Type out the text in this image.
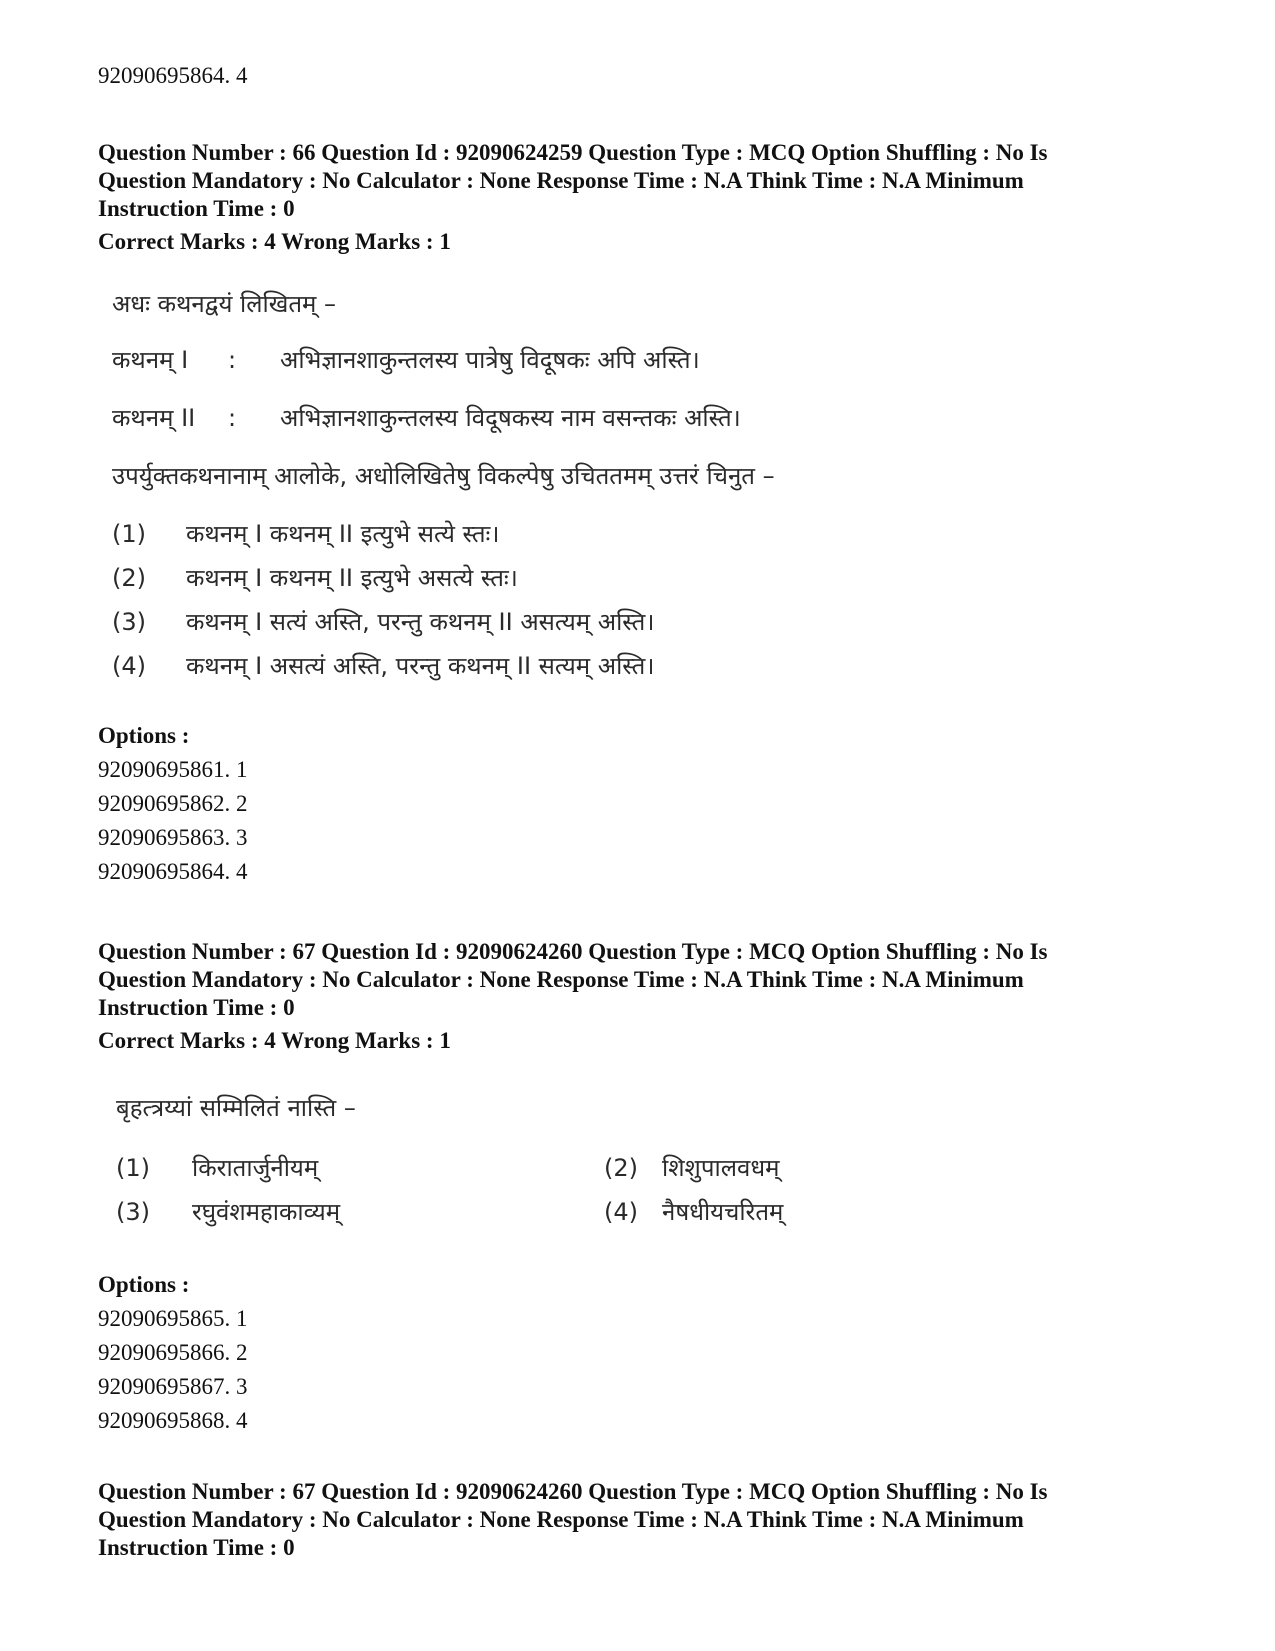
92090695864. 4
Question Number : 66 Question Id : 92090624259 Question Type : MCQ Option Shuffling : No Is
Question Mandatory : No Calculator : None Response Time : N.A Think Time : N.A Minimum
Instruction Time : 0
Correct Marks : 4 Wrong Marks : 1
अधः कथनद्वयं लिखितम् –
कथनम् I : अभिज्ञानशाकुन्तलस्य पात्रेषु विदूषकः अपि अस्ति।
कथनम् II : अभिज्ञानशाकुन्तलस्य विदूषकस्य नाम वसन्तकः अस्ति।
उपर्युक्तकथनानाम् आलोके, अधोलिखितेषु विकल्पेषु उचिततमम् उत्तरं चिनुत –
(1) कथनम् I कथनम् II इत्युभे सत्ये स्तः।
(2) कथनम् I कथनम् II इत्युभे असत्ये स्तः।
(3) कथनम् I सत्यं अस्ति, परन्तु कथनम् II असत्यम् अस्ति।
(4) कथनम् I असत्यं अस्ति, परन्तु कथनम् II सत्यम् अस्ति।
Options :
92090695861. 1
92090695862. 2
92090695863. 3
92090695864. 4
Question Number : 67 Question Id : 92090624260 Question Type : MCQ Option Shuffling : No Is
Question Mandatory : No Calculator : None Response Time : N.A Think Time : N.A Minimum
Instruction Time : 0
Correct Marks : 4 Wrong Marks : 1
बृहत्त्रय्यां सम्मिलितं नास्ति –
(1) किरातार्जुनीयम्	(2) शिशुपालवधम्
(3) रघुवंशमहाकाव्यम्	(4) नैषधीयचरितम्
Options :
92090695865. 1
92090695866. 2
92090695867. 3
92090695868. 4
Question Number : 67 Question Id : 92090624260 Question Type : MCQ Option Shuffling : No Is
Question Mandatory : No Calculator : None Response Time : N.A Think Time : N.A Minimum
Instruction Time : 0
